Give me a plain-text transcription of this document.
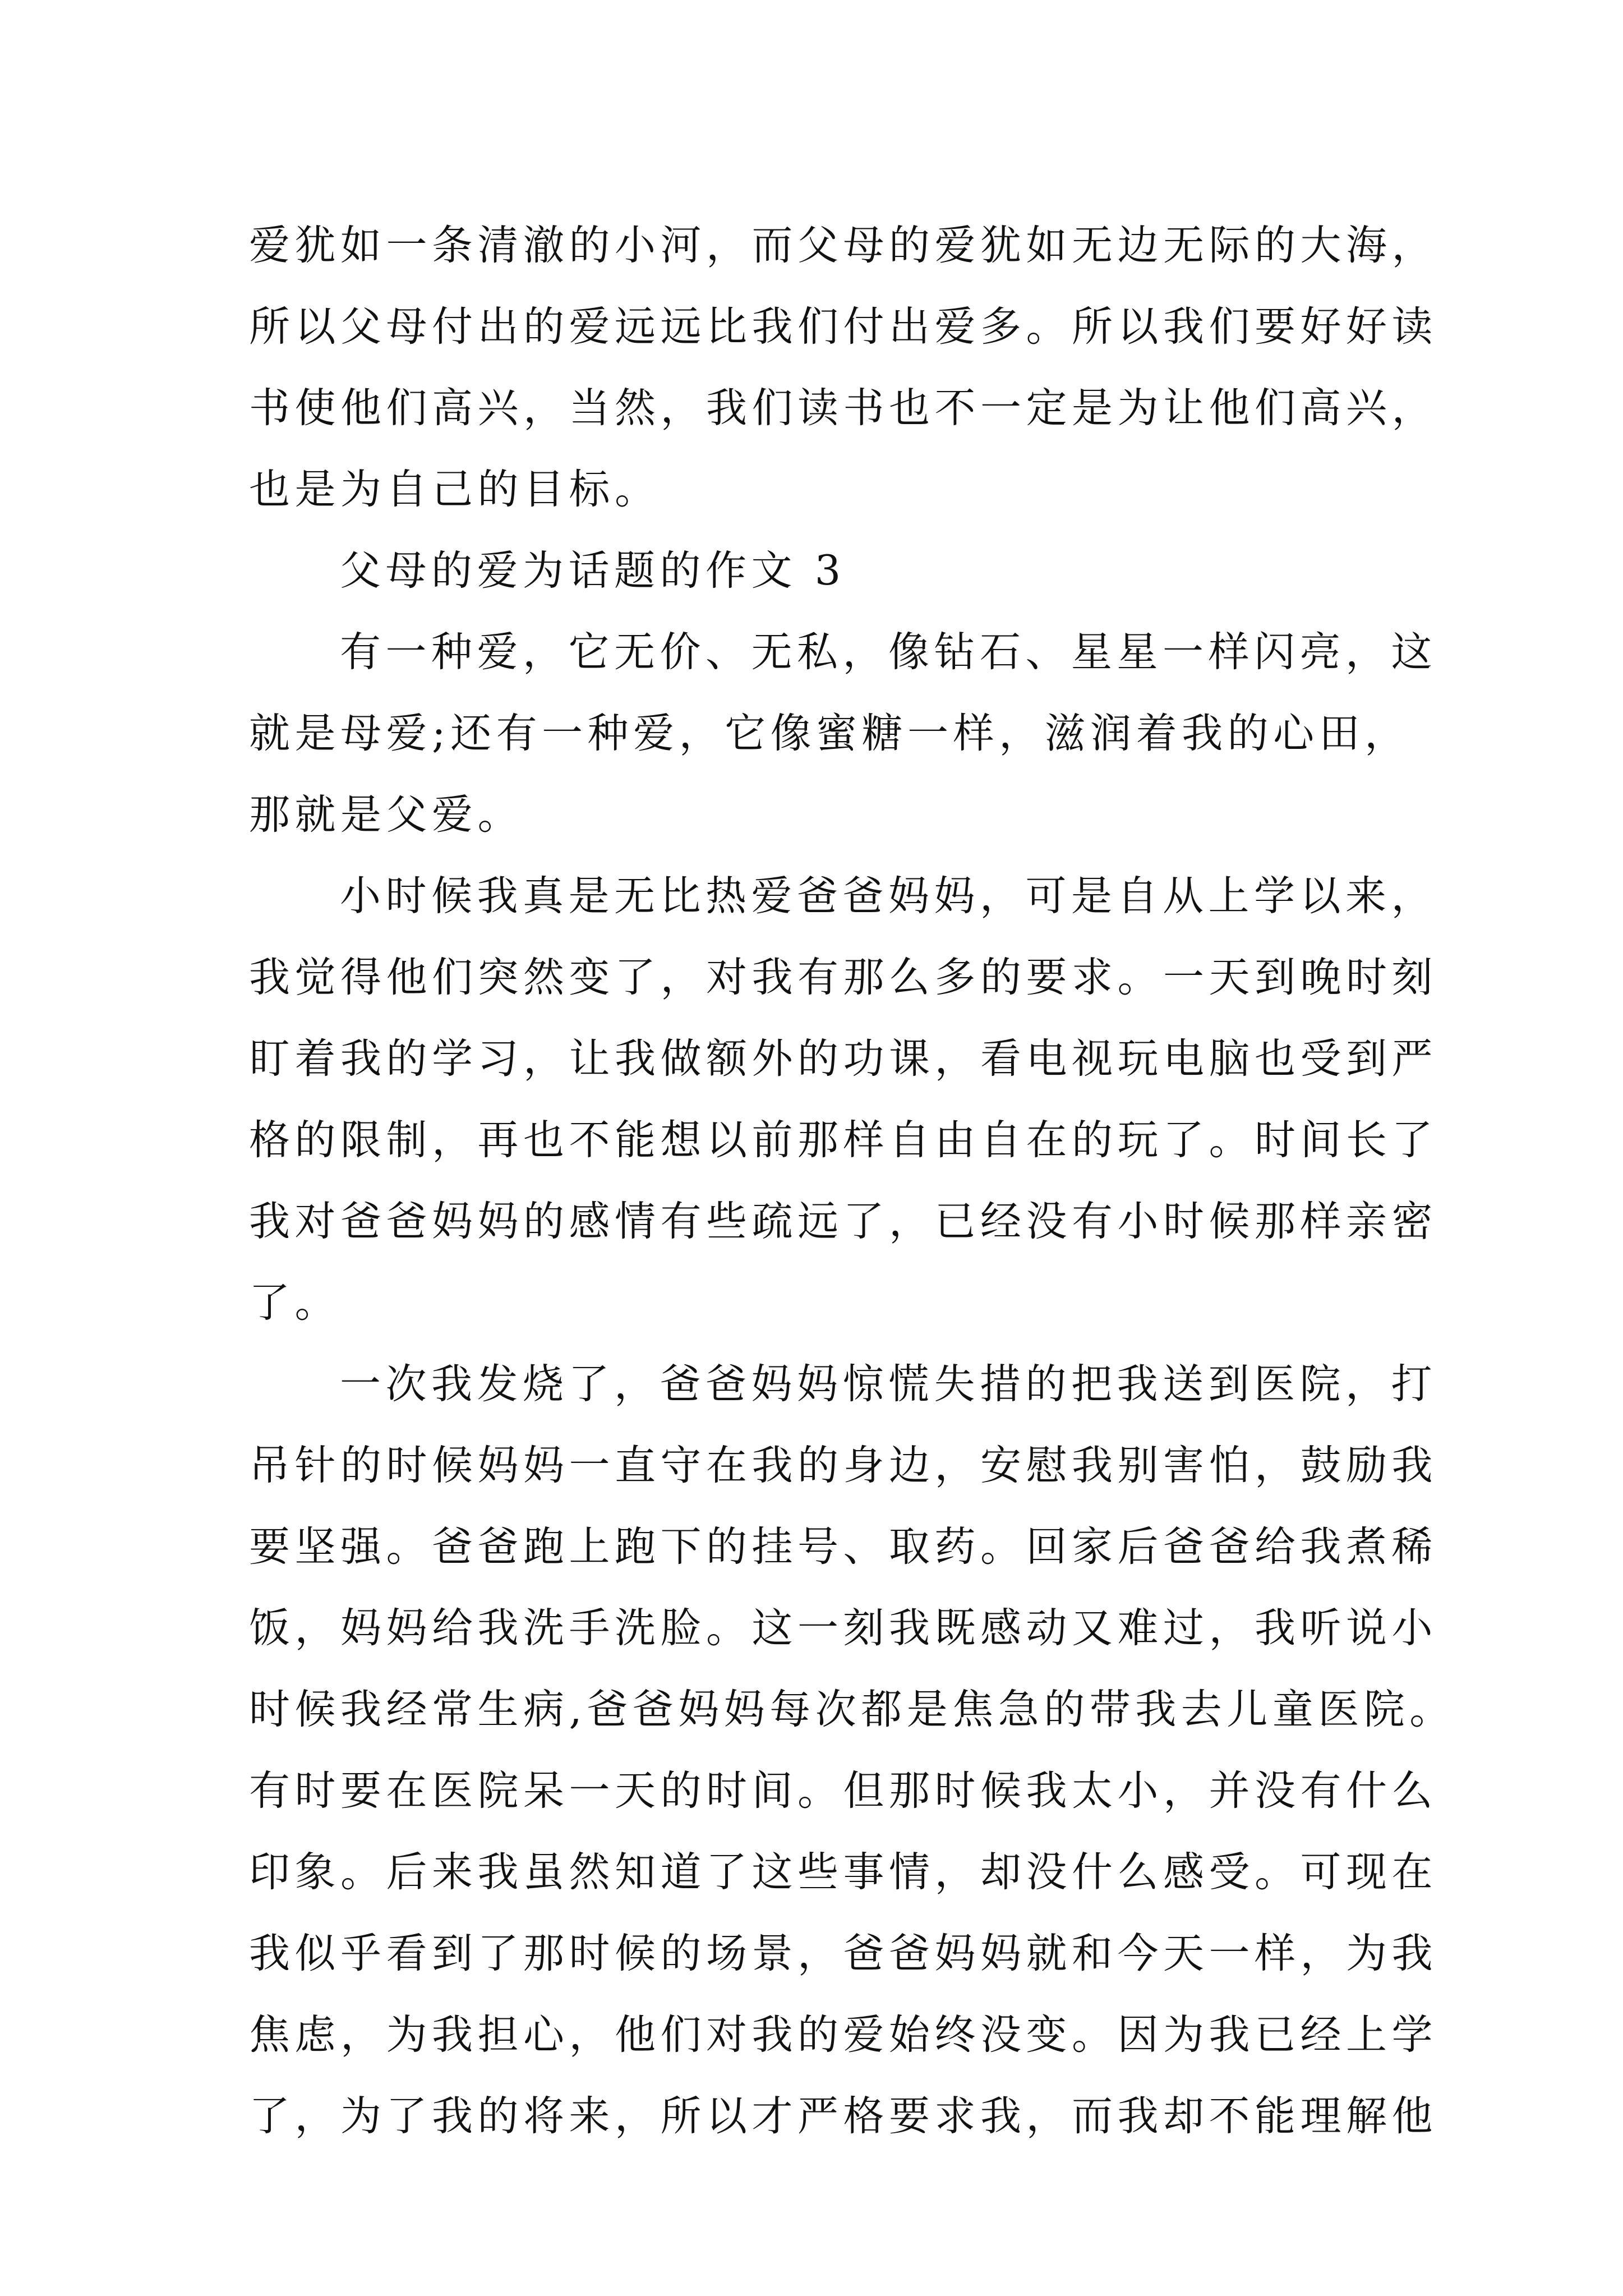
爱犹如一条清澈的小河，而父母的爱犹如无边无际的大海，
所以父母付出的爱远远比我们付出爱多。所以我们要好好读
书使他们高兴，当然，我们读书也不一定是为让他们高兴，
也是为自己的目标。
父母的爱为话题的作文 3
有一种爱，它无价、无私，像钻石、星星一样闪亮，这
就是母爱;还有一种爱，它像蜜糖一样，滋润着我的心田，
那就是父爱。
小时候我真是无比热爱爸爸妈妈，可是自从上学以来，
我觉得他们突然变了，对我有那么多的要求。一天到晚时刻
盯着我的学习，让我做额外的功课，看电视玩电脑也受到严
格的限制，再也不能想以前那样自由自在的玩了。时间长了
我对爸爸妈妈的感情有些疏远了，已经没有小时候那样亲密
了。
一次我发烧了，爸爸妈妈惊慌失措的把我送到医院，打
吊针的时候妈妈一直守在我的身边，安慰我别害怕，鼓励我
要坚强。爸爸跑上跑下的挂号、取药。回家后爸爸给我煮稀
饭，妈妈给我洗手洗脸。这一刻我既感动又难过，我听说小
时候我经常生病,爸爸妈妈每次都是焦急的带我去儿童医院。
有时要在医院呆一天的时间。但那时候我太小，并没有什么
印象。后来我虽然知道了这些事情，却没什么感受。可现在
我似乎看到了那时候的场景，爸爸妈妈就和今天一样，为我
焦虑，为我担心，他们对我的爱始终没变。因为我已经上学
了，为了我的将来，所以才严格要求我，而我却不能理解他
